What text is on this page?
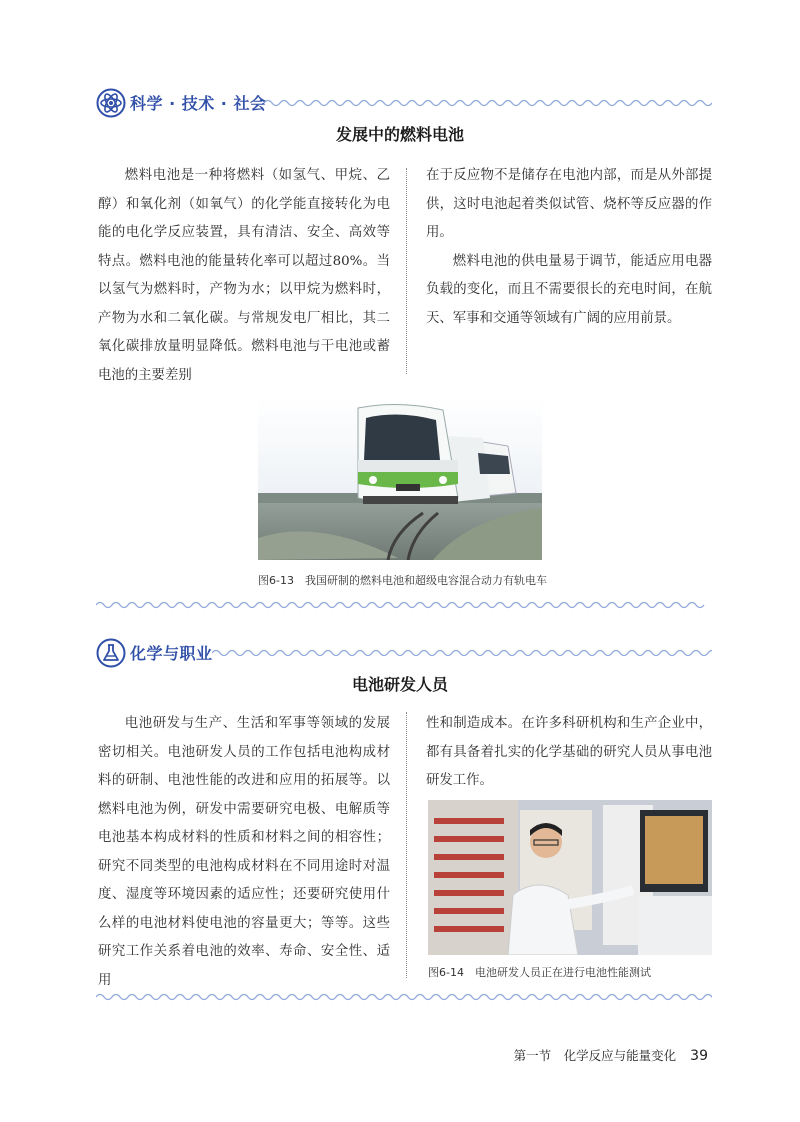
科学 · 技术 · 社会
发展中的燃料电池

燃料电池是一种将燃料（如氢气、甲烷、乙醇）和氧化剂（如氧气）的化学能直接转化为电能的电化学反应装置，具有清洁、安全、高效等特点。燃料电池的能量转化率可以超过80%。当以氢气为燃料时，产物为水；以甲烷为燃料时，产物为水和二氧化碳。与常规发电厂相比，其二氧化碳排放量明显降低。燃料电池与干电池或蓄电池的主要差别

在于反应物不是储存在电池内部，而是从外部提供，这时电池起着类似试管、烧杯等反应器的作用。

燃料电池的供电量易于调节，能适应用电器负载的变化，而且不需要很长的充电时间，在航天、军事和交通等领域有广阔的应用前景。

图6-13　我国研制的燃料电池和超级电容混合动力有轨电车
化学与职业
电池研发人员

电池研发与生产、生活和军事等领域的发展密切相关。电池研发人员的工作包括电池构成材料的研制、电池性能的改进和应用的拓展等。以燃料电池为例，研发中需要研究电极、电解质等电池基本构成材料的性质和材料之间的相容性；研究不同类型的电池构成材料在不同用途时对温度、湿度等环境因素的适应性；还要研究使用什么样的电池材料使电池的容量更大；等等。这些研究工作关系着电池的效率、寿命、安全性、适用

性和制造成本。在许多科研机构和生产企业中，都有具备着扎实的化学基础的研究人员从事电池研发工作。

图6-14　电池研发人员正在进行电池性能测试
第一节　化学反应与能量变化 39
